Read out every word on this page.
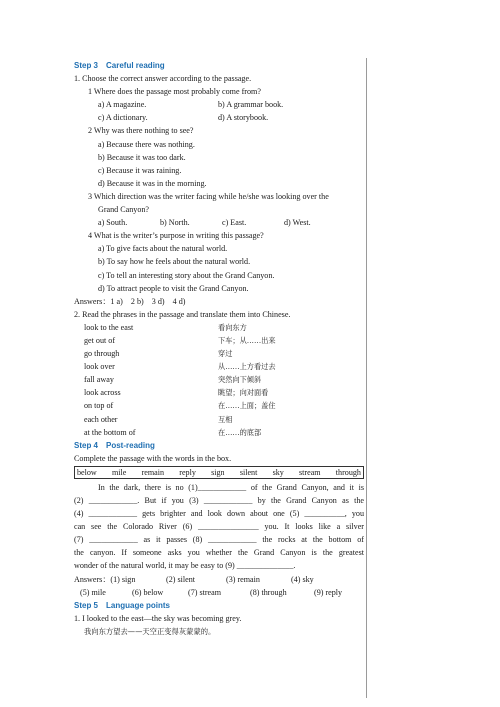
Step 3　Careful reading
1. Choose the correct answer according to the passage.
1 Where does the passage most probably come from?
a) A magazine.	b) A grammar book.
c) A dictionary.	d) A storybook.
2 Why was there nothing to see?
a) Because there was nothing.
b) Because it was too dark.
c) Because it was raining.
d) Because it was in the morning.
3 Which direction was the writer facing while he/she was looking over the
Grand Canyon?
a) South.	b) North.	c) East.	d) West.
4 What is the writer’s purpose in writing this passage?
a) To give facts about the natural world.
b) To say how he feels about the natural world.
c) To tell an interesting story about the Grand Canyon.
d) To attract people to visit the Grand Canyon.
Answers：1 a)　2 b)　3 d)　4 d)
2. Read the phrases in the passage and translate them into Chinese.
look to the east	看向东方
get out of	下车；从……出来
go through	穿过
look over	从……上方看过去
fall away	突然向下倾斜
look across	眺望；向对面看
on top of	在……上面；盖住
each other	互相
at the bottom of	在……的底部
Step 4　Post-reading
Complete the passage with the words in the box.
below mile remain reply sign silent sky stream through
In the dark, there is no (1)____________ of the Grand Canyon, and it is
(2) ____________. But if you (3) ____________ by the Grand Canyon as the
(4) ____________ gets brighter and look down about one (5) __________, you
can see the Colorado River (6) _______________ you. It looks like a silver
(7) ____________ as it passes (8) ____________ the rocks at the bottom of
the canyon. If someone asks you whether the Grand Canyon is the greatest
wonder of the natural world, it may be easy to (9) ______________.
Answers：(1) sign	(2) silent	(3) remain	(4) sky
(5) mile	(6) below	(7) stream	(8) through	(9) reply
Step 5　Language points
1. I looked to the east—the sky was becoming grey.
我向东方望去——天空正变得灰蒙蒙的。
